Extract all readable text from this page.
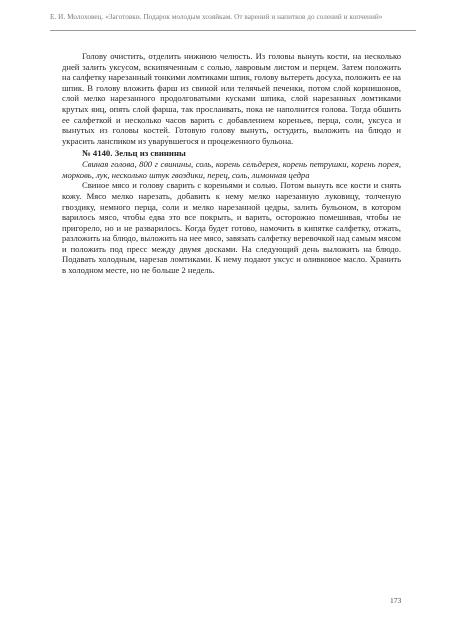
Е. И. Молоховец. «Заготовки. Подарок молодым хозяйкам. От варений и напитков до солений и копчений»

Голову очистить, отделить нижнюю челюсть. Из головы вынуть кости, на несколько дней залить уксусом, вскипяченным с солью, лавровым листом и перцем. Затем положить на салфетку нарезанный тонкими ломтиками шпик, голову вытереть досуха, положить ее на шпик. В голову вложить фарш из свиной или телячьей печенки, потом слой корнишонов, слой мелко нарезанного продолговатыми кусками шпика, слой нарезанных ломтиками крутых яиц, опять слой фарша, так прослаивать, пока не наполнится голова. Тогда обшить ее салфеткой и несколько часов варить с добавлением кореньев, перца, соли, уксуса и вынутых из головы костей. Готовую голову вынуть, остудить, выложить на блюдо и украсить ланспиком из увару́вшегося и процеженного бульона.

№ 4140. Зельц из свинины

Свиная голова, 800 г свинины, соль, корень сельдерея, корень петрушки, корень порея, морковь, лук, несколько штук гвоздики, перец, соль, лимонная цедра

Свиное мясо и голову сварить с кореньями и солью. Потом вынуть все кости и снять кожу. Мясо мелко нарезать, добавить к нему мелко нарезанную луковицу, толченую гвоздику, немного перца, соли и мелко нарезанной цедры, залить бульоном, в котором варилось мясо, чтобы едва это все покрыть, и варить, осторожно помешивая, чтобы не пригорело, но и не разварилось. Когда будет готово, намочить в кипятке салфетку, отжать, разложить на блюдо, выложить на нее мясо, завязать салфетку веревочкой над самым мясом и положить под пресс между двумя досками. На следующий день выложить на блюдо. Подавать холодным, нарезав ломтиками. К нему подают уксус и оливковое масло. Хранить в холодном месте, но не больше 2 недель.

173
